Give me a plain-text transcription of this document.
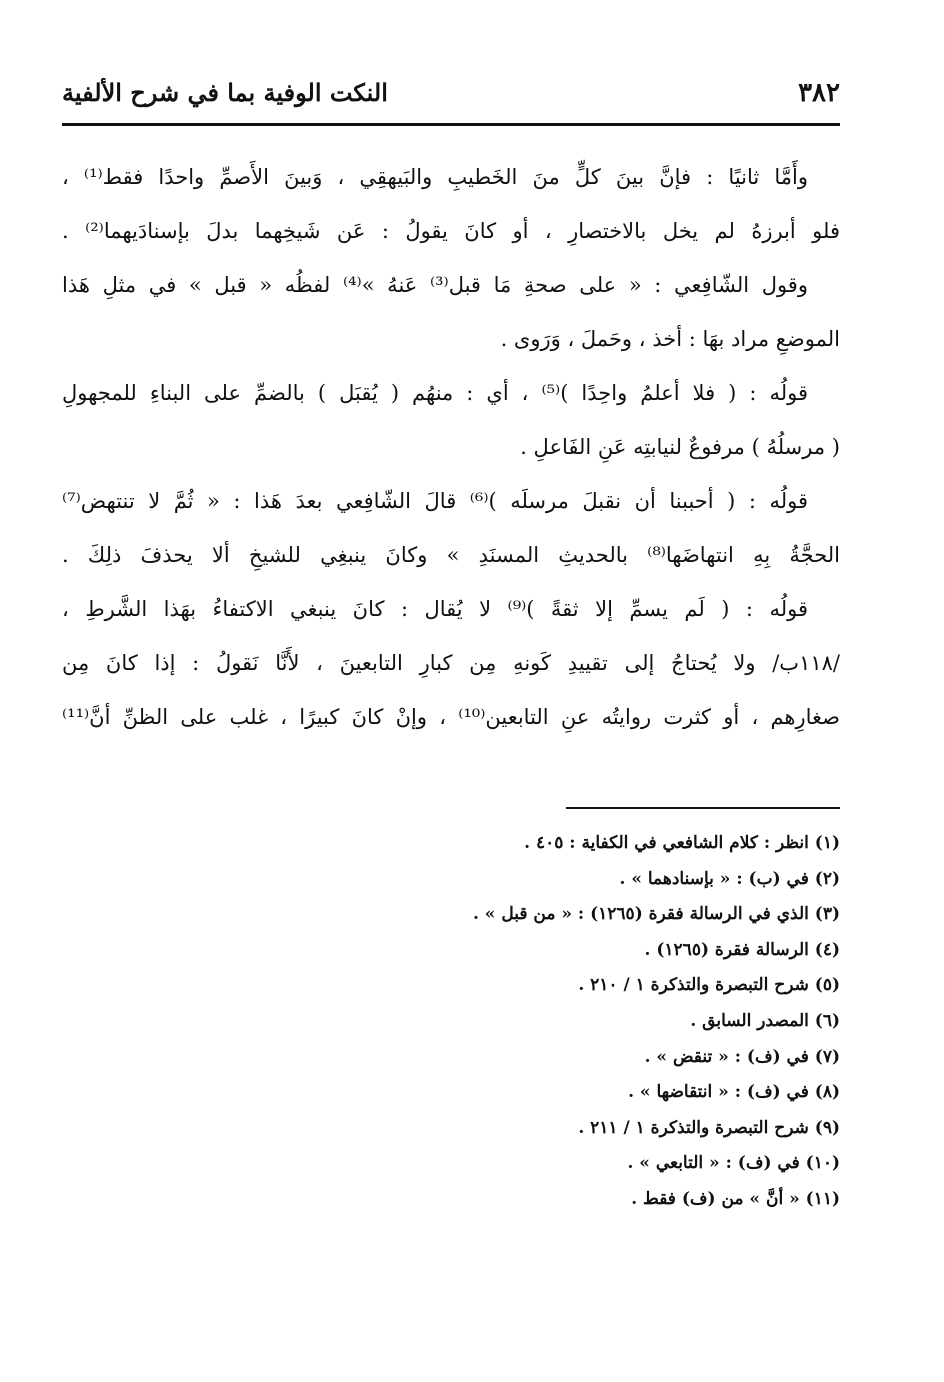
٣٨٢
النكت الوفية بما في شرح الألفية
وأَمَّا ثانيًا : فإنَّ بينَ كلٍّ منَ الخَطيبِ والبَيهقِي ، وَبينَ الأَصمِّ واحدًا فقط⁽¹⁾ ،
فلو أبرزهُ لم يخل بالاختصارِ ، أو كانَ يقولُ : عَن شَيخِهما بدلَ بإسنادَيهما⁽²⁾ .
وقول الشّافِعي : « على صحةِ مَا قبل⁽³⁾ عَنهُ »⁽⁴⁾ لفظُه « قبل » في مثلِ هَذا
الموضعِ مراد بهَا : أخذ ، وحَملَ ، وَرَوى .
قولُه : ( فلا أعلمُ واحِدًا )⁽⁵⁾ ، أي : منهُم ( يُقبَل ) بالضمِّ على البناءِ للمجهولِ
( مرسلُهُ ) مرفوعٌ لنيابتِه عَنِ الفَاعلِ .
قولُه : ( أحببنا أن نقبلَ مرسلَه )⁽⁶⁾ قالَ الشّافِعي بعدَ هَذا : « ثُمَّ لا تنتهض⁽⁷⁾
الحجَّةُ بِهِ انتهاضَها⁽⁸⁾ بالحديثِ المسنَدِ » وكانَ ينبغِي للشيخِ ألا يحذفَ ذلِكَ .
قولُه : ( لَم يسمِّ إلا ثقةً )⁽⁹⁾ لا يُقال : كانَ ينبغي الاكتفاءُ بهَذا الشَّرطِ ،
/١١٨ب/ ولا يُحتاجُ إلى تقييدِ كَونهِ مِن كبارِ التابعينَ ، لأَنَّا نَقولُ : إذا كانَ مِن
صغارِهم ، أو كثرت روايتُه عنِ التابعين⁽¹⁰⁾ ، وإنْ كانَ كبيرًا ، غلب على الظنِّ أنَّ⁽¹¹⁾
(١) انظر : كلام الشافعي في الكفاية : ٤٠٥ .
(٢) في (ب) : « بإسنادهما » .
(٣) الذي في الرسالة فقرة (١٢٦٥) : « من قبل » .
(٤) الرسالة فقرة (١٢٦٥) .
(٥) شرح التبصرة والتذكرة ١ / ٢١٠ .
(٦) المصدر السابق .
(٧) في (ف) : « تنقض » .
(٨) في (ف) : « انتقاضها » .
(٩) شرح التبصرة والتذكرة ١ / ٢١١ .
(١٠) في (ف) : « التابعي » .
(١١) « أنَّ » من (ف) فقط .
